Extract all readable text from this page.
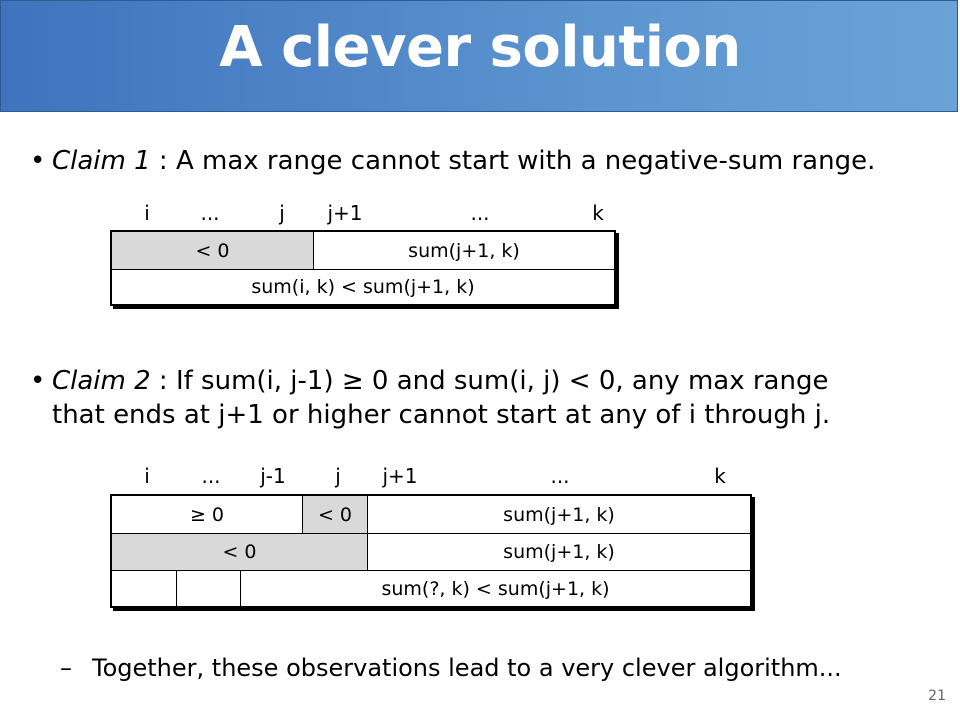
A clever solution
• Claim 1 : A max range cannot start with a negative-sum range.
i	...	j j+1	...	k
< 0	sum(j+1, k)
sum(i, k) < sum(j+1, k)
• Claim 2 : If sum(i, j-1) ≥ 0 and sum(i, j) < 0, any max range
that ends at j+1 or higher cannot start at any of i through j.
i	... j-1 j j+1	...	k
≥ 0	< 0	sum(j+1, k)
< 0	sum(j+1, k)
sum(?, k) < sum(j+1, k)
– Together, these observations lead to a very clever algorithm...
21
